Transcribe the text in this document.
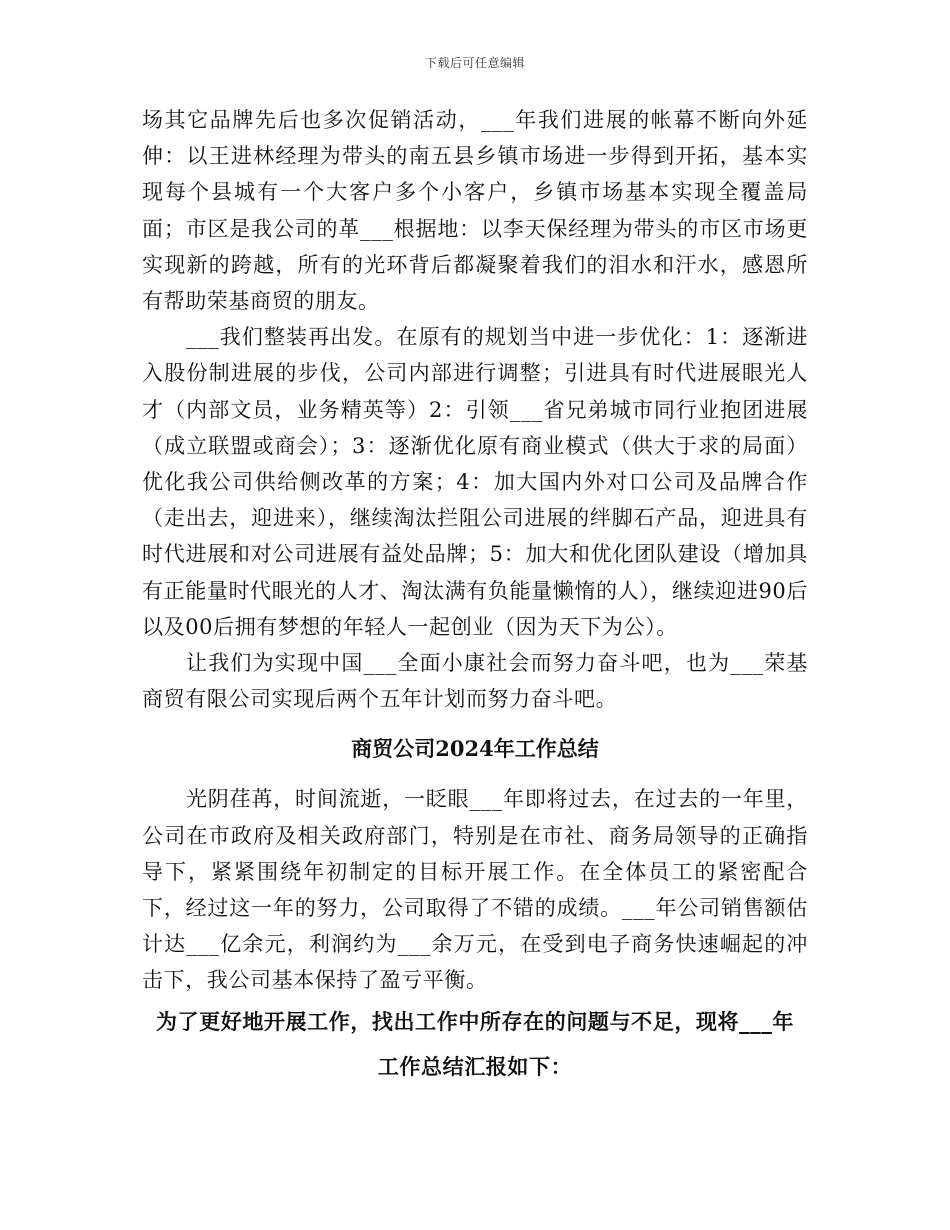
下载后可任意编辑

场其它品牌先后也多次促销活动，___年我们进展的帐幕不断向外延伸：以王进林经理为带头的南五县乡镇市场进一步得到开拓，基本实现每个县城有一个大客户多个小客户，乡镇市场基本实现全覆盖局面；市区是我公司的革___根据地：以李天保经理为带头的市区市场更实现新的跨越，所有的光环背后都凝聚着我们的泪水和汗水，感恩所有帮助荣基商贸的朋友。

___我们整装再出发。在原有的规划当中进一步优化：1：逐渐进入股份制进展的步伐，公司内部进行调整；引进具有时代进展眼光人才（内部文员，业务精英等）2：引领___省兄弟城市同行业抱团进展（成立联盟或商会）；3：逐渐优化原有商业模式（供大于求的局面）优化我公司供给侧改革的方案；4：加大国内外对口公司及品牌合作（走出去，迎进来），继续淘汰拦阻公司进展的绊脚石产品，迎进具有时代进展和对公司进展有益处品牌；5：加大和优化团队建设（增加具有正能量时代眼光的人才、淘汰满有负能量懒惰的人），继续迎进90后以及00后拥有梦想的年轻人一起创业（因为天下为公）。

让我们为实现中国___全面小康社会而努力奋斗吧，也为___荣基商贸有限公司实现后两个五年计划而努力奋斗吧。

商贸公司2024年工作总结

光阴荏苒，时间流逝，一眨眼___年即将过去，在过去的一年里，公司在市政府及相关政府部门，特别是在市社、商务局领导的正确指导下，紧紧围绕年初制定的目标开展工作。在全体员工的紧密配合下，经过这一年的努力，公司取得了不错的成绩。___年公司销售额估计达___亿余元，利润约为___余万元，在受到电子商务快速崛起的冲击下，我公司基本保持了盈亏平衡。

为了更好地开展工作，找出工作中所存在的问题与不足，现将___年工作总结汇报如下：
